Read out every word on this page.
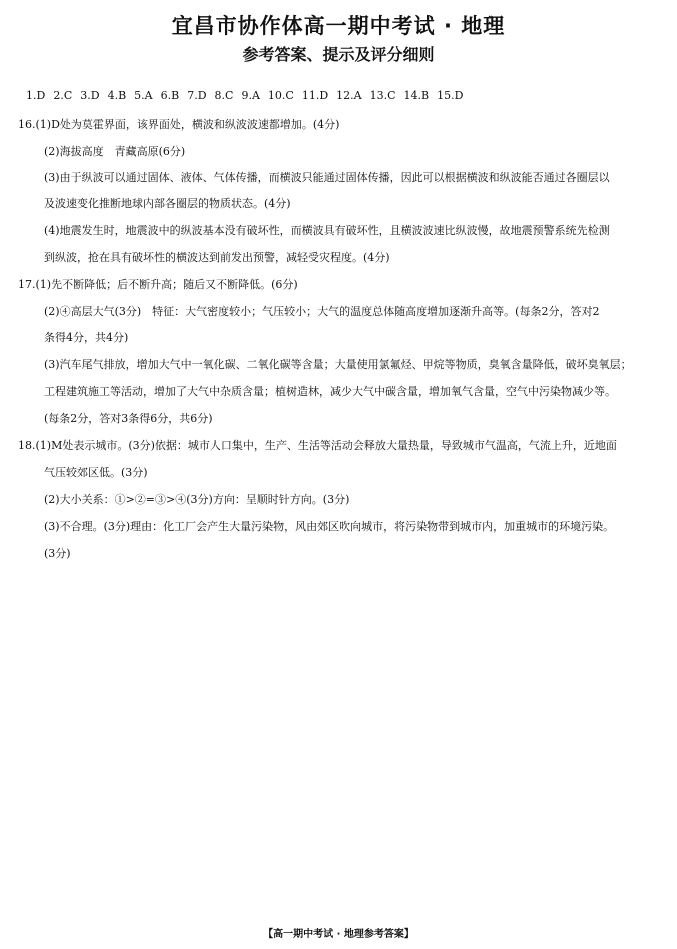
宜昌市协作体高一期中考试 · 地理
参考答案、提示及评分细则
1.D 2.C 3.D 4.B 5.A 6.B 7.D 8.C 9.A 10.C 11.D 12.A 13.C 14.B 15.D
16.(1)D处为莫霍界面，该界面处，横波和纵波波速都增加。(4分)
(2)海拔高度　青藏高原(6分)
(3)由于纵波可以通过固体、液体、气体传播，而横波只能通过固体传播，因此可以根据横波和纵波能否通过各圈层以
及波速变化推断地球内部各圈层的物质状态。(4分)
(4)地震发生时，地震波中的纵波基本没有破坏性，而横波具有破坏性，且横波波速比纵波慢，故地震预警系统先检测
到纵波，抢在具有破坏性的横波达到前发出预警，减轻受灾程度。(4分)
17.(1)先不断降低；后不断升高；随后又不断降低。(6分)
(2)④高层大气(3分)　特征：大气密度较小；气压较小；大气的温度总体随高度增加逐渐升高等。(每条2分，答对2
条得4分，共4分)
(3)汽车尾气排放，增加大气中一氧化碳、二氧化碳等含量；大量使用氯氟烃、甲烷等物质，臭氧含量降低，破坏臭氧层；
工程建筑施工等活动，增加了大气中杂质含量；植树造林，减少大气中碳含量，增加氧气含量，空气中污染物减少等。
(每条2分，答对3条得6分，共6分)
18.(1)M处表示城市。(3分)依据：城市人口集中，生产、生活等活动会释放大量热量，导致城市气温高，气流上升，近地面
气压较郊区低。(3分)
(2)大小关系：①>②=③>④(3分)方向：呈顺时针方向。(3分)
(3)不合理。(3分)理由：化工厂会产生大量污染物，风由郊区吹向城市，将污染物带到城市内，加重城市的环境污染。
(3分)
【高一期中考试 · 地理参考答案】
